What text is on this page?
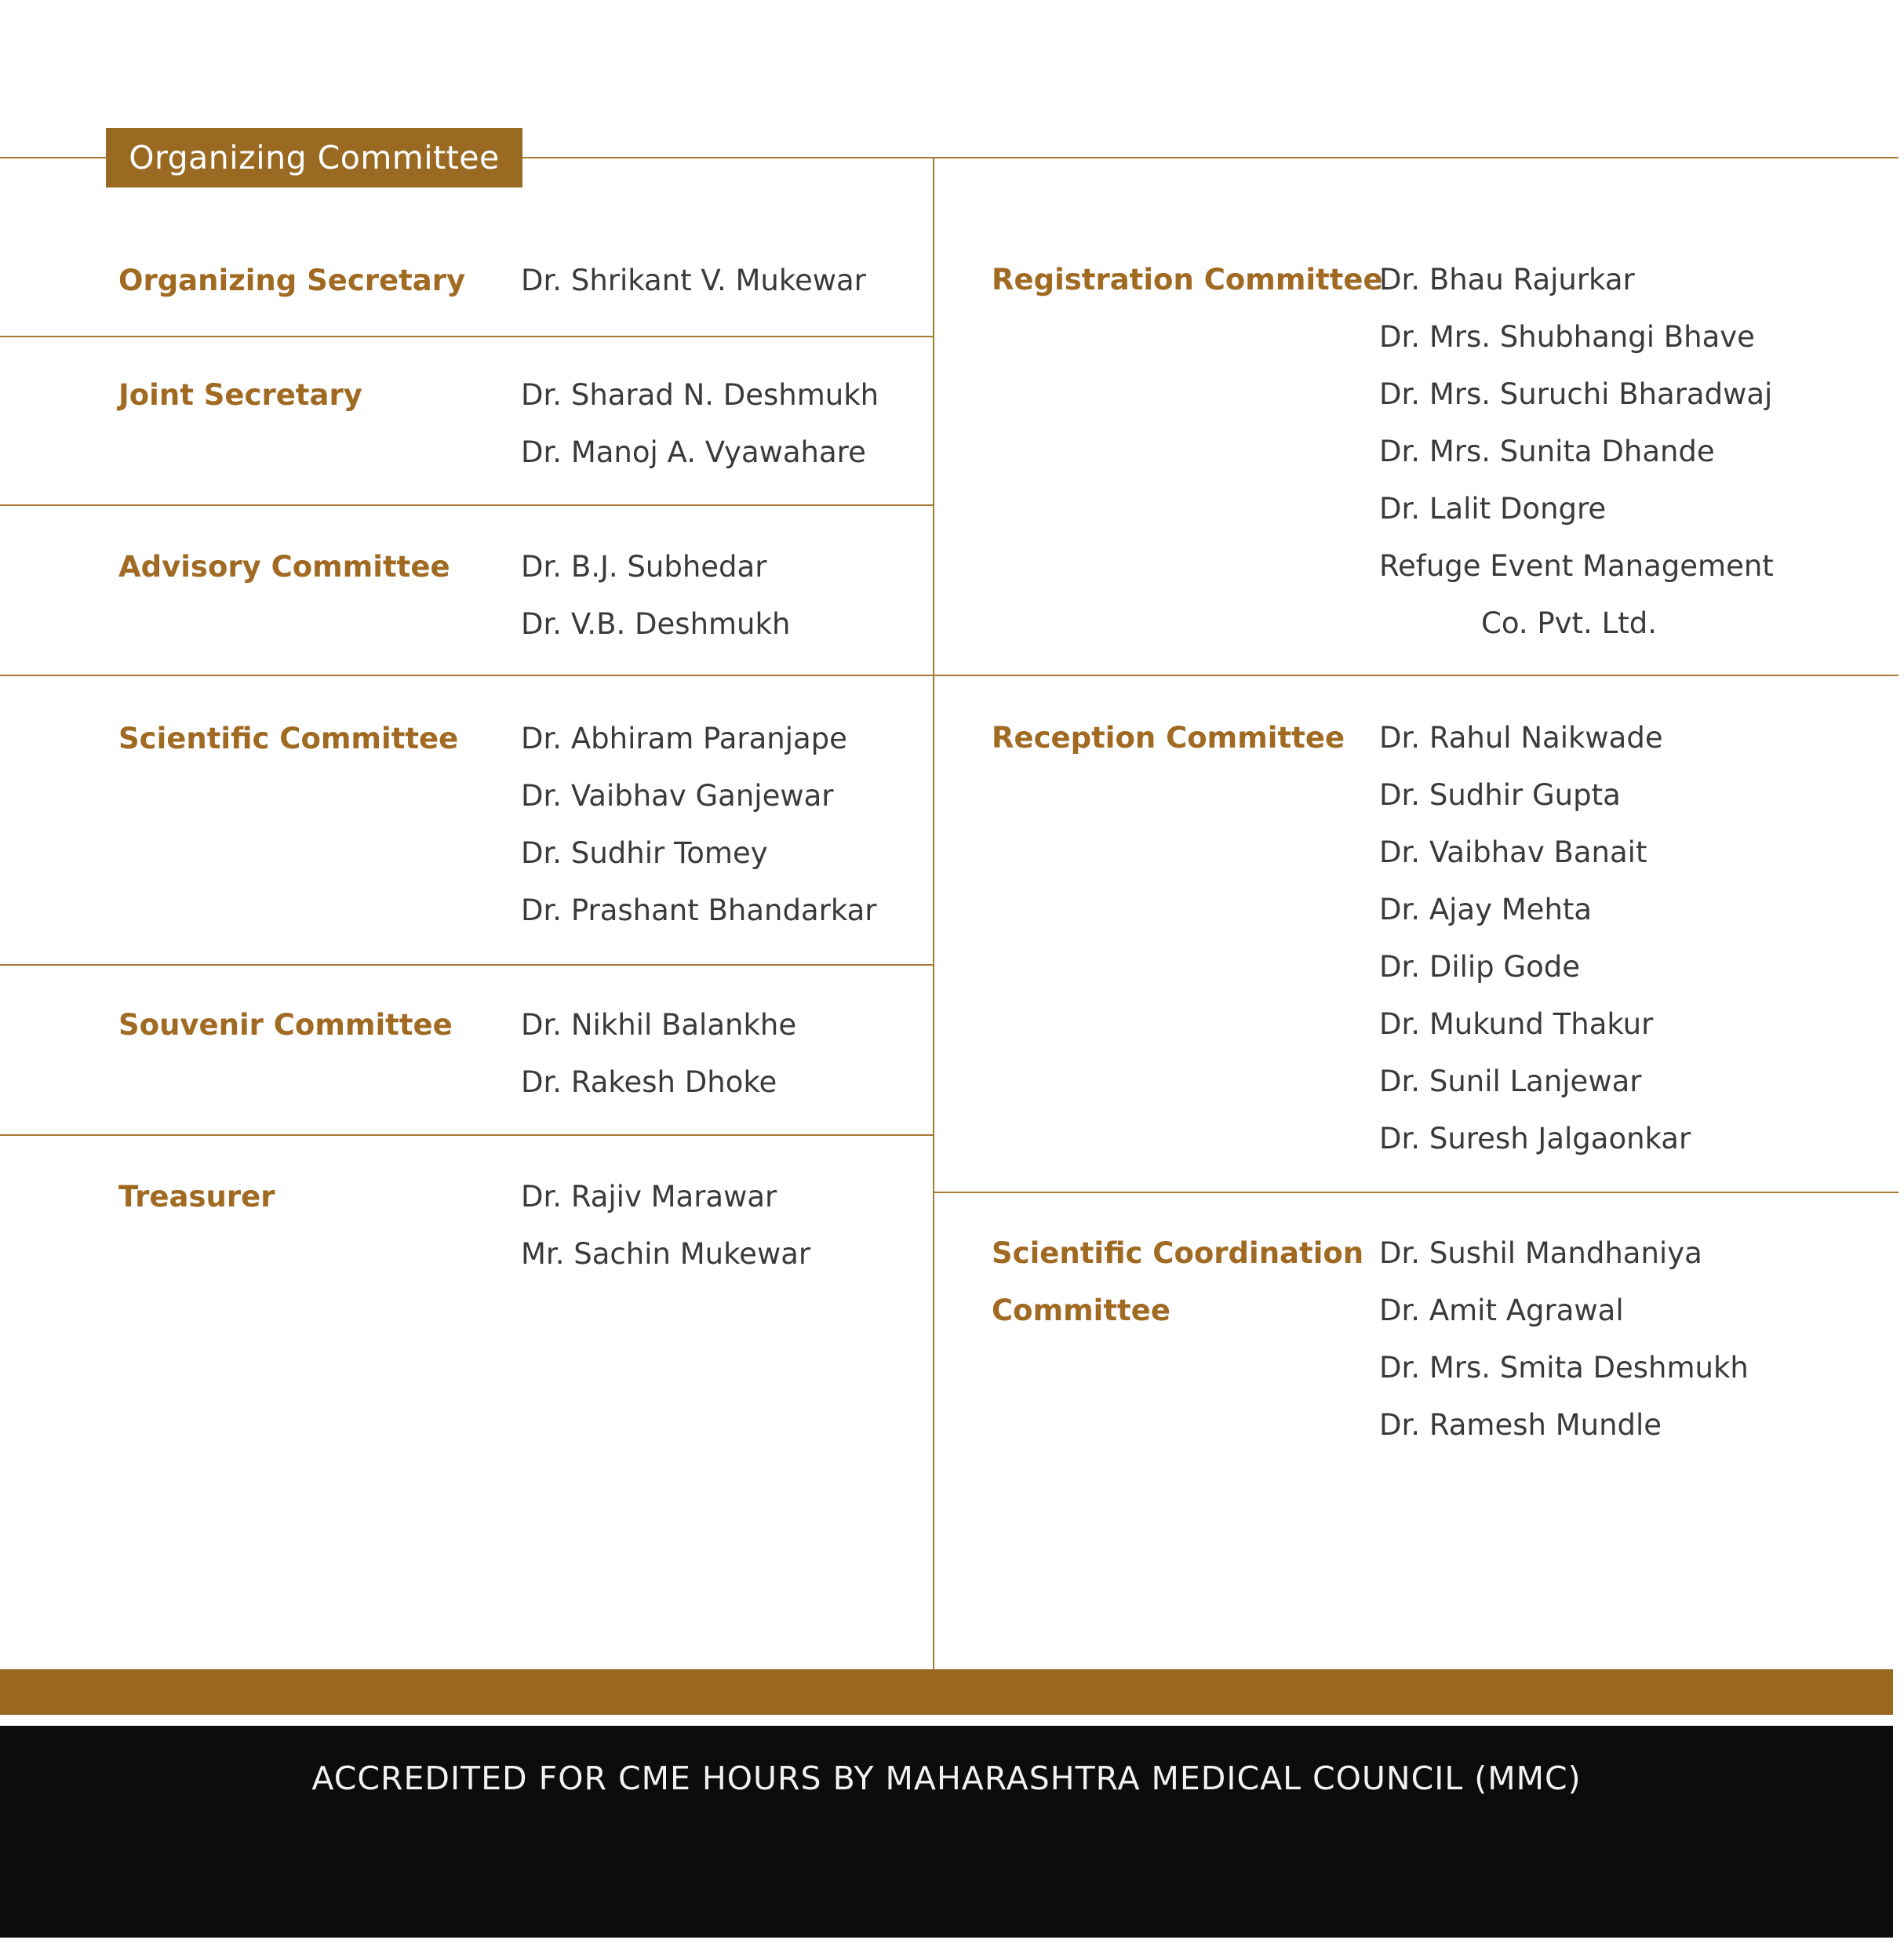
Organizing Committee
Organizing Secretary Dr. Shrikant V. Mukewar
Joint Secretary	Dr. Sharad N. Deshmukh
Dr. Manoj A. Vyawahare
Advisory Committee Dr. B.J. Subhedar
Dr. V.B. Deshmukh
Scientific Committee Dr. Abhiram Paranjape
Dr. Vaibhav Ganjewar
Dr. Sudhir Tomey
Dr. Prashant Bhandarkar
Souvenir Committee Dr. Nikhil Balankhe
Dr. Rakesh Dhoke
Treasurer	Dr. Rajiv Marawar
Mr. Sachin Mukewar
Registration Committee
Dr. Bhau Rajurkar
Dr. Mrs. Shubhangi Bhave
Dr. Mrs. Suruchi Bharadwaj
Dr. Mrs. Sunita Dhande
Dr. Lalit Dongre
Refuge Event Management
Co. Pvt. Ltd.
Reception Committee Dr. Rahul Naikwade
Dr. Sudhir Gupta
Dr. Vaibhav Banait
Dr. Ajay Mehta
Dr. Dilip Gode
Dr. Mukund Thakur
Dr. Sunil Lanjewar
Dr. Suresh Jalgaonkar
Scientific Coordination
Committee
Dr. Sushil Mandhaniya
Dr. Amit Agrawal
Dr. Mrs. Smita Deshmukh
Dr. Ramesh Mundle
ACCREDITED FOR CME HOURS BY MAHARASHTRA MEDICAL COUNCIL (MMC)
